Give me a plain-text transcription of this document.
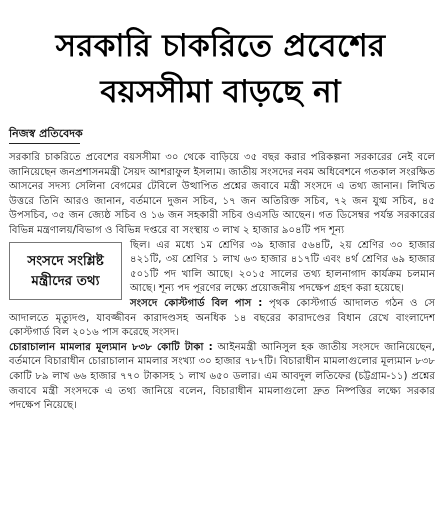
সরকারি চাকরিতে প্রবেশের
বয়সসীমা বাড়ছে না
নিজস্ব প্রতিবেদক

সরকারি চাকরিতে প্রবেশের বয়সসীমা ৩০ থেকে বাড়িয়ে ৩৫ বছর করার পরিকল্পনা সরকারের নেই বলে জানিয়েছেন জনপ্রশাসনমন্ত্রী সৈয়দ আশরাফুল ইসলাম। জাতীয় সংসদের নবম অধিবেশনে গতকাল সংরক্ষিত আসনের সদস্য সেলিনা বেগমের টেবিলে উত্থাপিত প্রশ্নের জবাবে মন্ত্রী সংসদে এ তথ্য জানান। লিখিত উত্তরে তিনি আরও জানান, বর্তমানে দুজন সচিব, ১৭ জন অতিরিক্ত সচিব, ৭২ জন যুগ্ম সচিব, ৪৫ উপসচিব, ৩৫ জন জ্যেষ্ঠ সচিব ও ১৬ জন সহকারী সচিব ওএসডি আছেন। গত ডিসেম্বর পর্যন্ত সরকারের বিভিন্ন মন্ত্রণালয়/বিভাগ ও বিভিন্ন দপ্তরে বা সংস্থায় ৩ লাখ ২ হাজার ৯০৪টি পদ শূন্য

সংসদে সংশ্লিষ্ট
মন্ত্রীদের তথ্য

ছিল। এর মধ্যে ১ম শ্রেণির ৩৯ হাজার ৫৬৪টি, ২য় শ্রেণির ৩০ হাজার ৪২১টি, ৩য় শ্রেণির ১ লাখ ৬৩ হাজার ৪১৭টি এবং ৪র্থ শ্রেণির ৬৯ হাজার ৫০১টি পদ খালি আছে। ২০১৫ সালের তথ্য হালনাগাদ কার্যক্রম চলমান আছে। শূন্য পদ পূরণের লক্ষ্যে প্রয়োজনীয় পদক্ষেপ গ্রহণ করা হয়েছে।

সংসদে কোস্টগার্ড বিল পাস : পৃথক কোস্টগার্ড আদালত গঠন ও সে আদালতে মৃত্যুদণ্ড, যাবজ্জীবন কারাদণ্ডসহ অনধিক ১৪ বছরের কারাদণ্ডের বিধান রেখে বাংলাদেশ কোস্টগার্ড বিল ২০১৬ পাস করেছে সংসদ।

চোরাচালান মামলার মূল্যমান ৮৩৮ কোটি টাকা : আইনমন্ত্রী আনিসুল হক জাতীয় সংসদে জানিয়েছেন, বর্তমানে বিচারাধীন চোরাচালান মামলার সংখ্যা ৩০ হাজার ৭৮৭টি। বিচারাধীন মামলাগুলোর মূল্যমান ৮৩৮ কোটি ৮৯ লাখ ৬৬ হাজার ৭৭০ টাকাসহ ১ লাখ ৬৫০ ডলার। এম আবদুল লতিফের (চট্টগ্রাম-১১) প্রশ্নের জবাবে মন্ত্রী সংসদকে এ তথ্য জানিয়ে বলেন, বিচারাধীন মামলাগুলো দ্রুত নিষ্পত্তির লক্ষ্যে সরকার পদক্ষেপ নিয়েছে।
